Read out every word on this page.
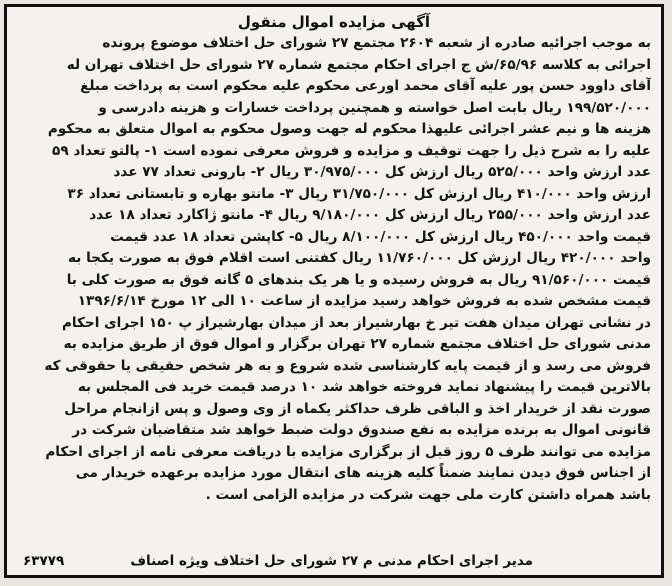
آگهی مزایده اموال منقول
به موجب اجرائیه صادره از شعبه ۲۶۰۴ مجتمع ۲۷ شورای حل اختلاف موضوع پرونده
اجرائی به کلاسه ۶۵/۹۶/ش ج اجرای احکام مجتمع شماره ۲۷ شورای حل اختلاف تهران له
آقای داوود حسن پور علیه آقای محمد اورعی محکوم علیه محکوم است به پرداخت مبلغ
۱۹۹/۵۲۰/۰۰۰ ریال بابت اصل خواسته و همچنین پرداخت خسارات و هزینه دادرسی و
هزینه ها و نیم عشر اجرائی علیهذا محکوم له جهت وصول محکوم به اموال متعلق به محکوم
علیه را به شرح ذیل را جهت توقیف و مزایده و فروش معرفی نموده است ۱- پالتو تعداد ۵۹
عدد ارزش واحد ۵۲۵/۰۰۰ ریال ارزش کل ۳۰/۹۷۵/۰۰۰ ریال ۲- بارونی تعداد ۷۷ عدد
ارزش واحد ۴۱۰/۰۰۰ ریال ارزش کل ۳۱/۷۵۰/۰۰۰ ریال ۳- مانتو بهاره و تابستانی تعداد ۳۶
عدد ارزش واحد ۲۵۵/۰۰۰ ریال ارزش کل ۹/۱۸۰/۰۰۰ ریال ۴- مانتو ژاکارد تعداد ۱۸ عدد
قیمت واحد ۴۵۰/۰۰۰ ریال ارزش کل ۸/۱۰۰/۰۰۰ ریال ۵- کاپشن تعداد ۱۸ عدد قیمت
واحد ۴۲۰/۰۰۰ ریال ارزش کل ۱۱/۷۶۰/۰۰۰ ریال کفتنی است اقلام فوق به صورت یکجا به
قیمت ۹۱/۵۶۰/۰۰۰ ریال به فروش رسیده و یا هر یک بندهای ۵ گانه فوق به صورت کلی با
قیمت مشخص شده به فروش خواهد رسید مزایده از ساعت ۱۰ الی ۱۲ مورخ ۱۳۹۶/۶/۱۴
در نشانی تهران میدان هفت تیر خ بهارشیراز بعد از میدان بهارشیراز پ ۱۵۰ اجرای احکام
مدنی شورای حل اختلاف مجتمع شماره ۲۷ تهران برگزار و اموال فوق از طریق مزایده به
فروش می رسد و از قیمت پایه کارشناسی شده شروع و به هر شخص حقیقی یا حقوقی که
بالاترین قیمت را پیشنهاد نماید فروخته خواهد شد ۱۰ درصد قیمت خرید فی المجلس به
صورت نقد از خریدار اخذ و الباقی ظرف حداکثر یکماه از وی وصول و پس ازانجام مراحل
قانونی اموال به برنده مزایده به نفع صندوق دولت ضبط خواهد شد متقاضیان شرکت در
مزایده می توانند ظرف ۵ روز قبل از برگزاری مزایده با دریافت معرفی نامه از اجرای احکام
از اجناس فوق دیدن نمایند ضمناً کلیه هزینه های انتقال مورد مزایده برعهده خریدار می
باشد همراه داشتن کارت ملی جهت شرکت در مزایده الزامی است .
مدیر اجرای احکام مدنی م ۲۷ شورای حل اختلاف ویژه اصناف
۶۳۷۷۹
